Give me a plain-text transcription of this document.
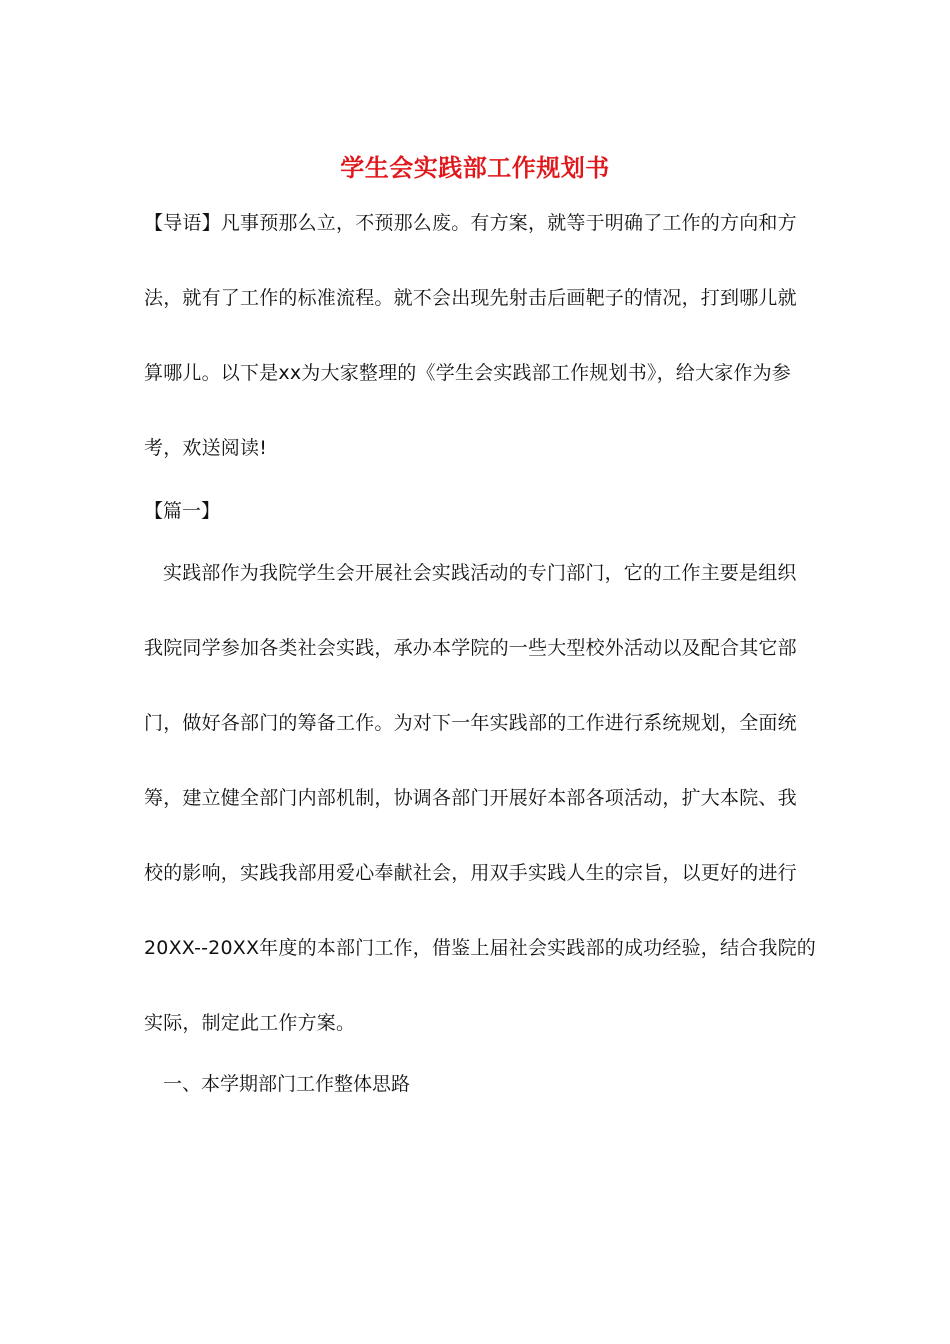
学生会实践部工作规划书
【导语】凡事预那么立，不预那么废。有方案，就等于明确了工作的方向和方
法，就有了工作的标准流程。就不会出现先射击后画靶子的情况，打到哪儿就
算哪儿。以下是xx为大家整理的《学生会实践部工作规划书》，给大家作为参
考，欢送阅读!
【篇一】
实践部作为我院学生会开展社会实践活动的专门部门，它的工作主要是组织
我院同学参加各类社会实践，承办本学院的一些大型校外活动以及配合其它部
门，做好各部门的筹备工作。为对下一年实践部的工作进行系统规划，全面统
筹，建立健全部门内部机制，协调各部门开展好本部各项活动，扩大本院、我
校的影响，实践我部用爱心奉献社会，用双手实践人生的宗旨，以更好的进行
20XX--20XX年度的本部门工作，借鉴上届社会实践部的成功经验，结合我院的
实际，制定此工作方案。
一、本学期部门工作整体思路
